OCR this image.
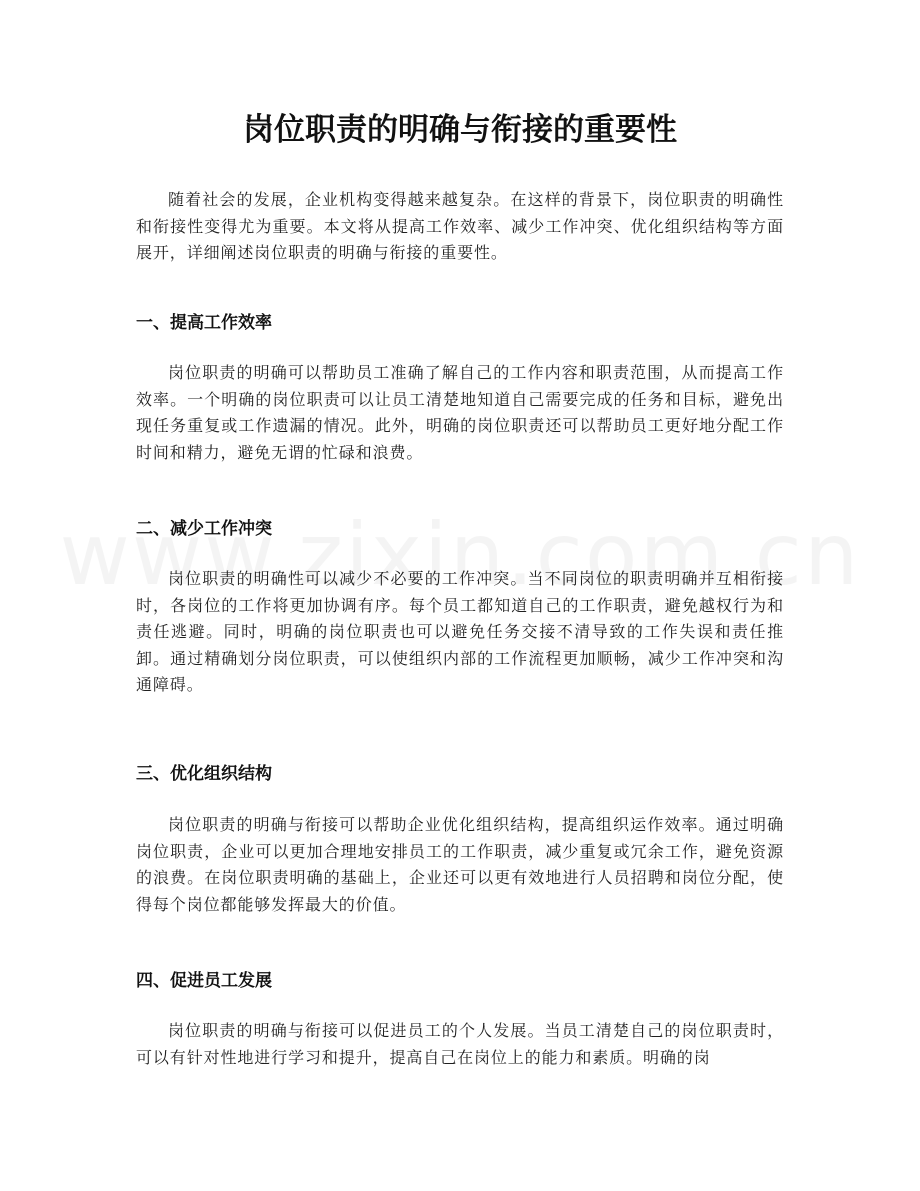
岗位职责的明确与衔接的重要性

随着社会的发展，企业机构变得越来越复杂。在这样的背景下，岗位职责的明确性和衔接性变得尤为重要。本文将从提高工作效率、减少工作冲突、优化组织结构等方面展开，详细阐述岗位职责的明确与衔接的重要性。

一、提高工作效率

岗位职责的明确可以帮助员工准确了解自己的工作内容和职责范围，从而提高工作效率。一个明确的岗位职责可以让员工清楚地知道自己需要完成的任务和目标，避免出现任务重复或工作遗漏的情况。此外，明确的岗位职责还可以帮助员工更好地分配工作时间和精力，避免无谓的忙碌和浪费。

二、减少工作冲突

岗位职责的明确性可以减少不必要的工作冲突。当不同岗位的职责明确并互相衔接时，各岗位的工作将更加协调有序。每个员工都知道自己的工作职责，避免越权行为和责任逃避。同时，明确的岗位职责也可以避免任务交接不清导致的工作失误和责任推卸。通过精确划分岗位职责，可以使组织内部的工作流程更加顺畅，减少工作冲突和沟通障碍。

三、优化组织结构

岗位职责的明确与衔接可以帮助企业优化组织结构，提高组织运作效率。通过明确岗位职责，企业可以更加合理地安排员工的工作职责，减少重复或冗余工作，避免资源的浪费。在岗位职责明确的基础上，企业还可以更有效地进行人员招聘和岗位分配，使得每个岗位都能够发挥最大的价值。

四、促进员工发展

岗位职责的明确与衔接可以促进员工的个人发展。当员工清楚自己的岗位职责时，可以有针对性地进行学习和提升，提高自己在岗位上的能力和素质。明确的岗
